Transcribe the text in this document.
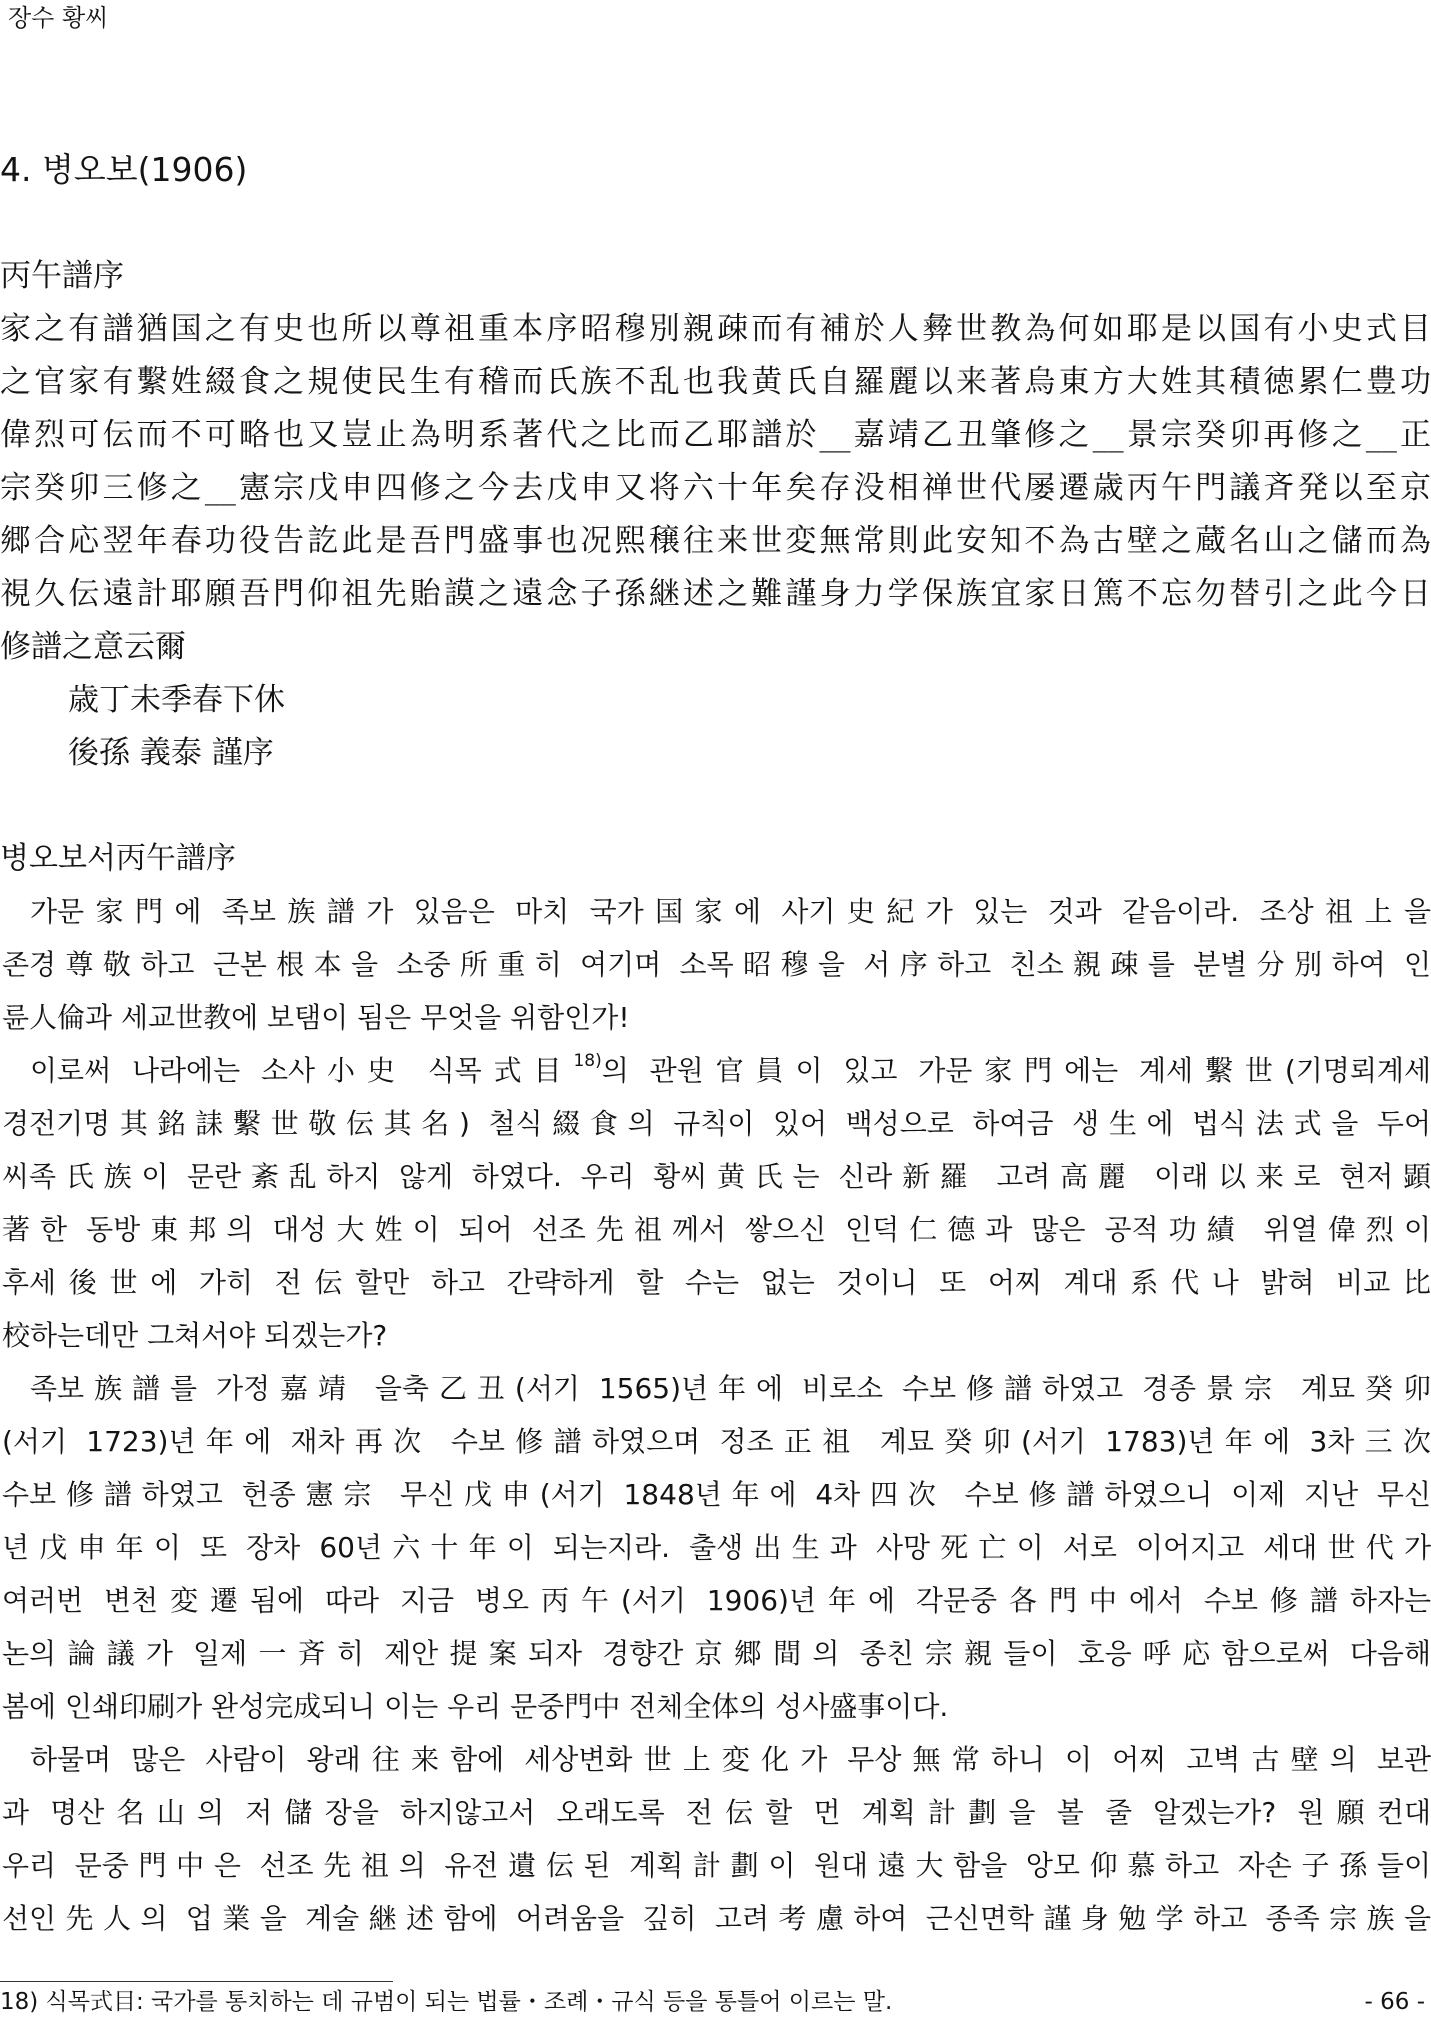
장수 황씨
4. 병오보(1906)
丙午譜序
家之有譜猶国之有史也所以尊祖重本序昭穆別親疎而有補於人彜世教為何如耶是以国有小史式目
之官家有繫姓綴食之規使民生有稽而氏族不乱也我黄氏自羅麗以来著烏東方大姓其積徳累仁豊功
偉烈可伝而不可略也又豈止為明系著代之比而乙耶譜於__嘉靖乙丑肇修之__景宗癸卯再修之__正
宗癸卯三修之__憲宗戊申四修之今去戊申又将六十年矣存没相禅世代屡遷歳丙午門議斉発以至京
郷合応翌年春功役告訖此是吾門盛事也况熙穣往来世変無常則此安知不為古壁之蔵名山之儲而為
視久伝遠計耶願吾門仰祖先貽謨之遠念子孫継述之難謹身力学保族宜家日篤不忘勿替引之此今日
修譜之意云爾
歳丁未季春下休
後孫 義泰 謹序
병오보서丙午譜序
가문家門에 족보族譜가 있음은 마치 국가国家에 사기史紀가 있는 것과 같음이라. 조상祖上을
존경尊敬하고 근본根本을 소중所重히 여기며 소목昭穆을 서序하고 친소親疎를 분별分別하여 인
륜人倫과 세교世教에 보탬이 됨은 무엇을 위함인가!
이로써 나라에는 소사小史 식목式目$^{18)}$의 관원官員이 있고 가문家門에는 계세繫世(기명뢰계세
경전기명其銘誄繫世敬伝其名) 철식綴食의 규칙이 있어 백성으로 하여금 생生에 법식法式을 두어
씨족氏族이 문란紊乱하지 않게 하였다. 우리 황씨黄氏는 신라新羅 고려高麗 이래以来로 현저顕
著한 동방東邦의 대성大姓이 되어 선조先祖께서 쌓으신 인덕仁德과 많은 공적功績 위열偉烈이
후세後世에 가히 전伝할만 하고 간략하게 할 수는 없는 것이니 또 어찌 계대系代나 밝혀 비교比
校하는데만 그쳐서야 되겠는가?
족보族譜를 가정嘉靖 을축乙丑(서기 1565)년年에 비로소 수보修譜하였고 경종景宗 계묘癸卯
(서기 1723)년年에 재차再次 수보修譜하였으며 정조正祖 계묘癸卯(서기 1783)년年에 3차三次
수보修譜하였고 헌종憲宗 무신戊申(서기 1848년年에 4차四次 수보修譜하였으니 이제 지난 무신
년戊申年이 또 장차 60년六十年이 되는지라. 출생出生과 사망死亡이 서로 이어지고 세대世代가
여러번 변천変遷됨에 따라 지금 병오丙午(서기 1906)년年에 각문중各門中에서 수보修譜하자는
논의論議가 일제一斉히 제안提案되자 경향간京郷間의 종친宗親들이 호응呼応함으로써 다음해
봄에 인쇄印刷가 완성完成되니 이는 우리 문중門中 전체全体의 성사盛事이다.
하물며 많은 사람이 왕래往来함에 세상변화世上変化가 무상無常하니 이 어찌 고벽古壁의 보관
과 명산名山의 저儲장을 하지않고서 오래도록 전伝할 먼 계획計劃을 볼 줄 알겠는가? 원願컨대
우리 문중門中은 선조先祖의 유전遺伝된 계획計劃이 원대遠大함을 앙모仰慕하고 자손子孫들이
선인先人의 업業을 계술継述함에 어려움을 깊히 고려考慮하여 근신면학謹身勉学하고 종족宗族을
18) 식목式目: 국가를 통치하는 데 규범이 되는 법률・조례・규식 등을 통틀어 이르는 말.	- 66 -
